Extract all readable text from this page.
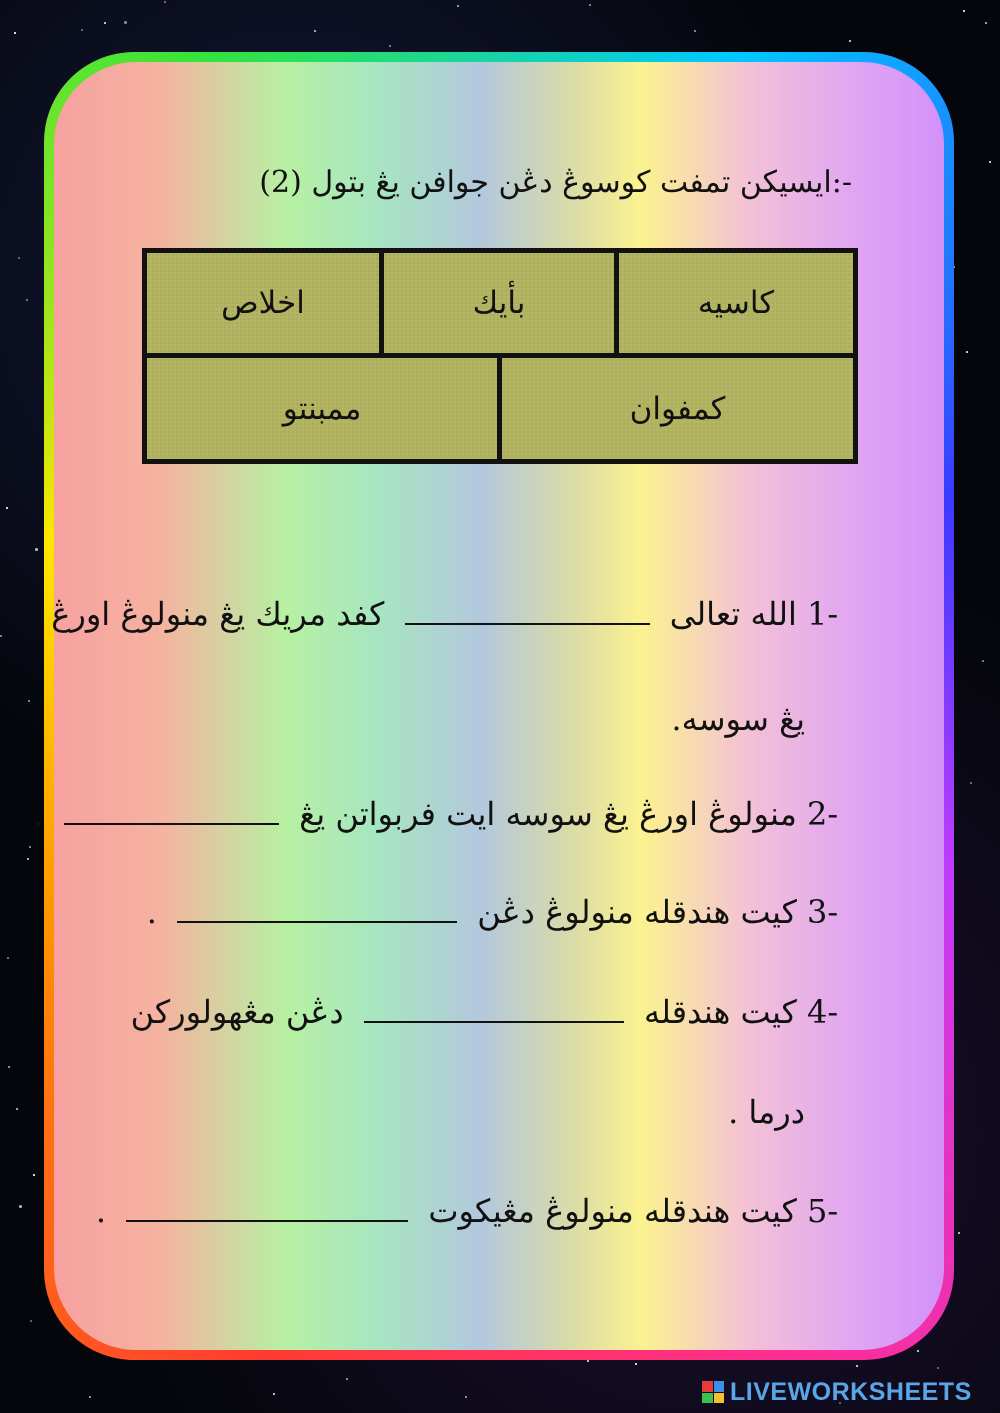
(2) ايسيكن تمفت كوسوڠ دڠن جوافن يڠ بتول:-
كاسيه
بأيك
اخلاص
كمفوان
ممبنتو
-1 الله تعالى  كفد مريك يڠ منولوڠ اورڠ
يڠ سوسه.
-2 منولوڠ اورڠ يڠ سوسه ايت فربواتن يڠ  .
-3 كيت هندقله منولوڠ دڠن  .
-4 كيت هندقله  دڠن مڠهولوركن
درما .
-5 كيت هندقله منولوڠ مڠيكوت  .
LIVEWORKSHEETS
